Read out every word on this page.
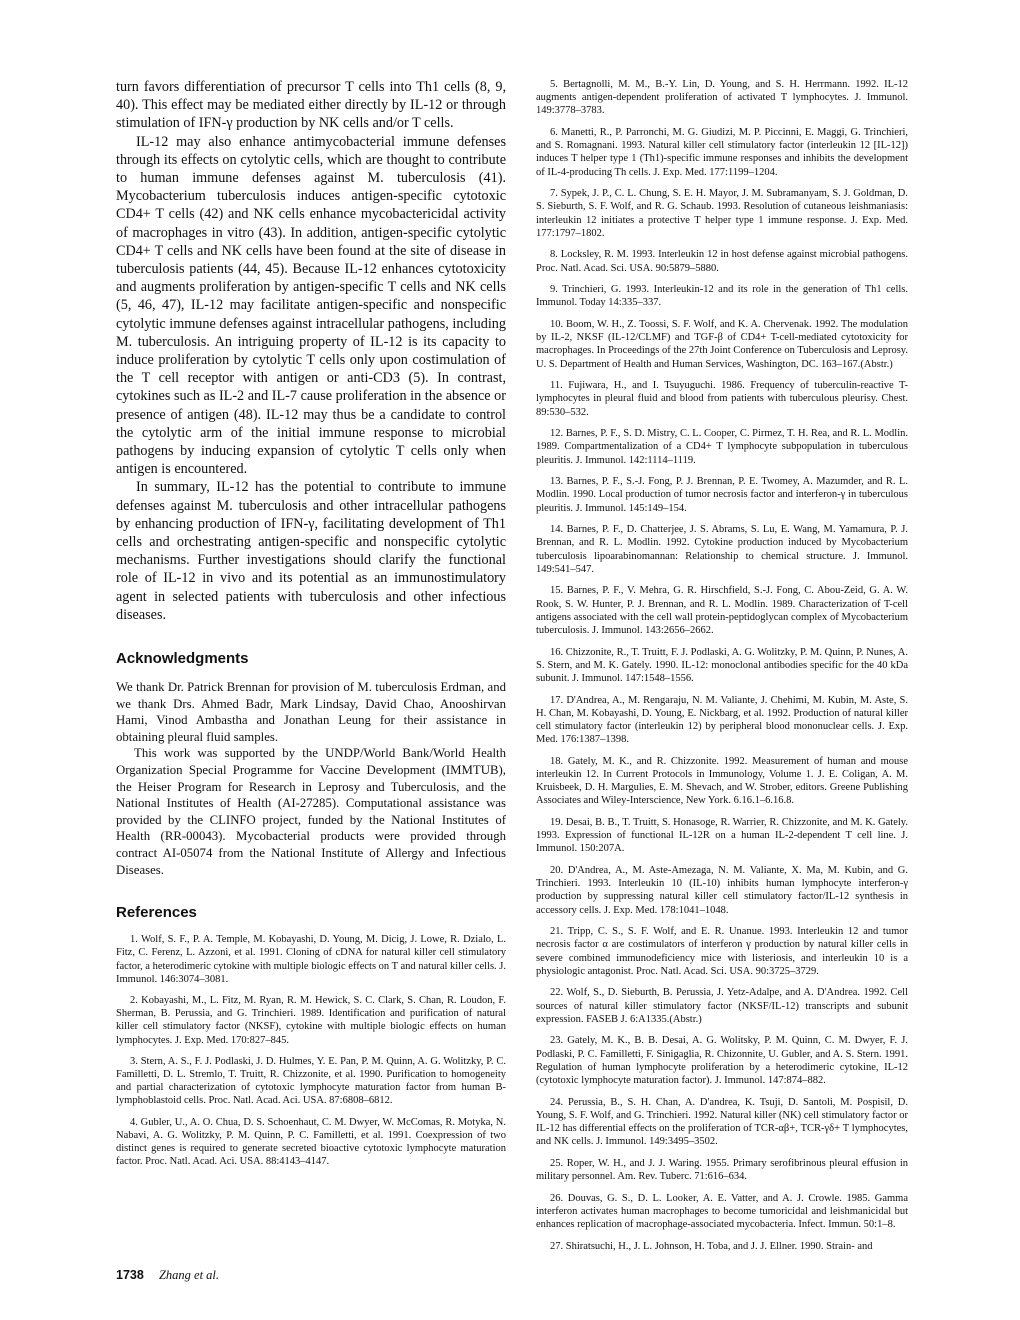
turn favors differentiation of precursor T cells into Th1 cells (8, 9, 40). This effect may be mediated either directly by IL-12 or through stimulation of IFN-γ production by NK cells and/or T cells.

IL-12 may also enhance antimycobacterial immune defenses through its effects on cytolytic cells, which are thought to contribute to human immune defenses against M. tuberculosis (41). Mycobacterium tuberculosis induces antigen-specific cytotoxic CD4+ T cells (42) and NK cells enhance mycobactericidal activity of macrophages in vitro (43). In addition, antigen-specific cytolytic CD4+ T cells and NK cells have been found at the site of disease in tuberculosis patients (44, 45). Because IL-12 enhances cytotoxicity and augments proliferation by antigen-specific T cells and NK cells (5, 46, 47), IL-12 may facilitate antigen-specific and nonspecific cytolytic immune defenses against intracellular pathogens, including M. tuberculosis. An intriguing property of IL-12 is its capacity to induce proliferation by cytolytic T cells only upon costimulation of the T cell receptor with antigen or anti-CD3 (5). In contrast, cytokines such as IL-2 and IL-7 cause proliferation in the absence or presence of antigen (48). IL-12 may thus be a candidate to control the cytolytic arm of the initial immune response to microbial pathogens by inducing expansion of cytolytic T cells only when antigen is encountered.

In summary, IL-12 has the potential to contribute to immune defenses against M. tuberculosis and other intracellular pathogens by enhancing production of IFN-γ, facilitating development of Th1 cells and orchestrating antigen-specific and nonspecific cytolytic mechanisms. Further investigations should clarify the functional role of IL-12 in vivo and its potential as an immunostimulatory agent in selected patients with tuberculosis and other infectious diseases.

Acknowledgments

We thank Dr. Patrick Brennan for provision of M. tuberculosis Erdman, and we thank Drs. Ahmed Badr, Mark Lindsay, David Chao, Anooshirvan Hami, Vinod Ambastha and Jonathan Leung for their assistance in obtaining pleural fluid samples.

This work was supported by the UNDP/World Bank/World Health Organization Special Programme for Vaccine Development (IMMTUB), the Heiser Program for Research in Leprosy and Tuberculosis, and the National Institutes of Health (AI-27285). Computational assistance was provided by the CLINFO project, funded by the National Institutes of Health (RR-00043). Mycobacterial products were provided through contract AI-05074 from the National Institute of Allergy and Infectious Diseases.

References

1. Wolf, S. F., P. A. Temple, M. Kobayashi, D. Young, M. Dicig, J. Lowe, R. Dzialo, L. Fitz, C. Ferenz, L. Azzoni, et al. 1991. Cloning of cDNA for natural killer cell stimulatory factor, a heterodimeric cytokine with multiple biologic effects on T and natural killer cells. J. Immunol. 146:3074–3081.

2. Kobayashi, M., L. Fitz, M. Ryan, R. M. Hewick, S. C. Clark, S. Chan, R. Loudon, F. Sherman, B. Perussia, and G. Trinchieri. 1989. Identification and purification of natural killer cell stimulatory factor (NKSF), cytokine with multiple biologic effects on human lymphocytes. J. Exp. Med. 170:827–845.

3. Stern, A. S., F. J. Podlaski, J. D. Hulmes, Y. E. Pan, P. M. Quinn, A. G. Wolitzky, P. C. Familletti, D. L. Stremlo, T. Truitt, R. Chizzonite, et al. 1990. Purification to homogeneity and partial characterization of cytotoxic lymphocyte maturation factor from human B-lymphoblastoid cells. Proc. Natl. Acad. Aci. USA. 87:6808–6812.

4. Gubler, U., A. O. Chua, D. S. Schoenhaut, C. M. Dwyer, W. McComas, R. Motyka, N. Nabavi, A. G. Wolitzky, P. M. Quinn, P. C. Familletti, et al. 1991. Coexpression of two distinct genes is required to generate secreted bioactive cytotoxic lymphocyte maturation factor. Proc. Natl. Acad. Aci. USA. 88:4143–4147.

5. Bertagnolli, M. M., B.-Y. Lin, D. Young, and S. H. Herrmann. 1992. IL-12 augments antigen-dependent proliferation of activated T lymphocytes. J. Immunol. 149:3778–3783.

6. Manetti, R., P. Parronchi, M. G. Giudizi, M. P. Piccinni, E. Maggi, G. Trinchieri, and S. Romagnani. 1993. Natural killer cell stimulatory factor (interleukin 12 [IL-12]) induces T helper type 1 (Th1)-specific immune responses and inhibits the development of IL-4-producing Th cells. J. Exp. Med. 177:1199–1204.

7. Sypek, J. P., C. L. Chung, S. E. H. Mayor, J. M. Subramanyam, S. J. Goldman, D. S. Sieburth, S. F. Wolf, and R. G. Schaub. 1993. Resolution of cutaneous leishmaniasis: interleukin 12 initiates a protective T helper type 1 immune response. J. Exp. Med. 177:1797–1802.

8. Locksley, R. M. 1993. Interleukin 12 in host defense against microbial pathogens. Proc. Natl. Acad. Sci. USA. 90:5879–5880.

9. Trinchieri, G. 1993. Interleukin-12 and its role in the generation of Th1 cells. Immunol. Today 14:335–337.

10. Boom, W. H., Z. Toossi, S. F. Wolf, and K. A. Chervenak. 1992. The modulation by IL-2, NKSF (IL-12/CLMF) and TGF-β of CD4+ T-cell-mediated cytotoxicity for macrophages. In Proceedings of the 27th Joint Conference on Tuberculosis and Leprosy. U. S. Department of Health and Human Services, Washington, DC. 163–167.(Abstr.)

11. Fujiwara, H., and I. Tsuyuguchi. 1986. Frequency of tuberculin-reactive T-lymphocytes in pleural fluid and blood from patients with tuberculous pleurisy. Chest. 89:530–532.

12. Barnes, P. F., S. D. Mistry, C. L. Cooper, C. Pirmez, T. H. Rea, and R. L. Modlin. 1989. Compartmentalization of a CD4+ T lymphocyte subpopulation in tuberculous pleuritis. J. Immunol. 142:1114–1119.

13. Barnes, P. F., S.-J. Fong, P. J. Brennan, P. E. Twomey, A. Mazumder, and R. L. Modlin. 1990. Local production of tumor necrosis factor and interferon-γ in tuberculous pleuritis. J. Immunol. 145:149–154.

14. Barnes, P. F., D. Chatterjee, J. S. Abrams, S. Lu, E. Wang, M. Yamamura, P. J. Brennan, and R. L. Modlin. 1992. Cytokine production induced by Mycobacterium tuberculosis lipoarabinomannan: Relationship to chemical structure. J. Immunol. 149:541–547.

15. Barnes, P. F., V. Mehra, G. R. Hirschfield, S.-J. Fong, C. Abou-Zeid, G. A. W. Rook, S. W. Hunter, P. J. Brennan, and R. L. Modlin. 1989. Characterization of T-cell antigens associated with the cell wall protein-peptidoglycan complex of Mycobacterium tuberculosis. J. Immunol. 143:2656–2662.

16. Chizzonite, R., T. Truitt, F. J. Podlaski, A. G. Wolitzky, P. M. Quinn, P. Nunes, A. S. Stern, and M. K. Gately. 1990. IL-12: monoclonal antibodies specific for the 40 kDa subunit. J. Immunol. 147:1548–1556.

17. D'Andrea, A., M. Rengaraju, N. M. Valiante, J. Chehimi, M. Kubin, M. Aste, S. H. Chan, M. Kobayashi, D. Young, E. Nickbarg, et al. 1992. Production of natural killer cell stimulatory factor (interleukin 12) by peripheral blood mononuclear cells. J. Exp. Med. 176:1387–1398.

18. Gately, M. K., and R. Chizzonite. 1992. Measurement of human and mouse interleukin 12. In Current Protocols in Immunology, Volume 1. J. E. Coligan, A. M. Kruisbeek, D. H. Margulies, E. M. Shevach, and W. Strober, editors. Greene Publishing Associates and Wiley-Interscience, New York. 6.16.1–6.16.8.

19. Desai, B. B., T. Truitt, S. Honasoge, R. Warrier, R. Chizzonite, and M. K. Gately. 1993. Expression of functional IL-12R on a human IL-2-dependent T cell line. J. Immunol. 150:207A.

20. D'Andrea, A., M. Aste-Amezaga, N. M. Valiante, X. Ma, M. Kubin, and G. Trinchieri. 1993. Interleukin 10 (IL-10) inhibits human lymphocyte interferon-γ production by suppressing natural killer cell stimulatory factor/IL-12 synthesis in accessory cells. J. Exp. Med. 178:1041–1048.

21. Tripp, C. S., S. F. Wolf, and E. R. Unanue. 1993. Interleukin 12 and tumor necrosis factor α are costimulators of interferon γ production by natural killer cells in severe combined immunodeficiency mice with listeriosis, and interleukin 10 is a physiologic antagonist. Proc. Natl. Acad. Sci. USA. 90:3725–3729.

22. Wolf, S., D. Sieburth, B. Perussia, J. Yetz-Adalpe, and A. D'Andrea. 1992. Cell sources of natural killer stimulatory factor (NKSF/IL-12) transcripts and subunit expression. FASEB J. 6:A1335.(Abstr.)

23. Gately, M. K., B. B. Desai, A. G. Wolitsky, P. M. Quinn, C. M. Dwyer, F. J. Podlaski, P. C. Familletti, F. Sinigaglia, R. Chizonnite, U. Gubler, and A. S. Stern. 1991. Regulation of human lymphocyte proliferation by a heterodimeric cytokine, IL-12 (cytotoxic lymphocyte maturation factor). J. Immunol. 147:874–882.

24. Perussia, B., S. H. Chan, A. D'andrea, K. Tsuji, D. Santoli, M. Pospisil, D. Young, S. F. Wolf, and G. Trinchieri. 1992. Natural killer (NK) cell stimulatory factor or IL-12 has differential effects on the proliferation of TCR-αβ+, TCR-γδ+ T lymphocytes, and NK cells. J. Immunol. 149:3495–3502.

25. Roper, W. H., and J. J. Waring. 1955. Primary serofibrinous pleural effusion in military personnel. Am. Rev. Tuberc. 71:616–634.

26. Douvas, G. S., D. L. Looker, A. E. Vatter, and A. J. Crowle. 1985. Gamma interferon activates human macrophages to become tumoricidal and leishmanicidal but enhances replication of macrophage-associated mycobacteria. Infect. Immun. 50:1–8.

27. Shiratsuchi, H., J. L. Johnson, H. Toba, and J. J. Ellner. 1990. Strain- and

1738 Zhang et al.
